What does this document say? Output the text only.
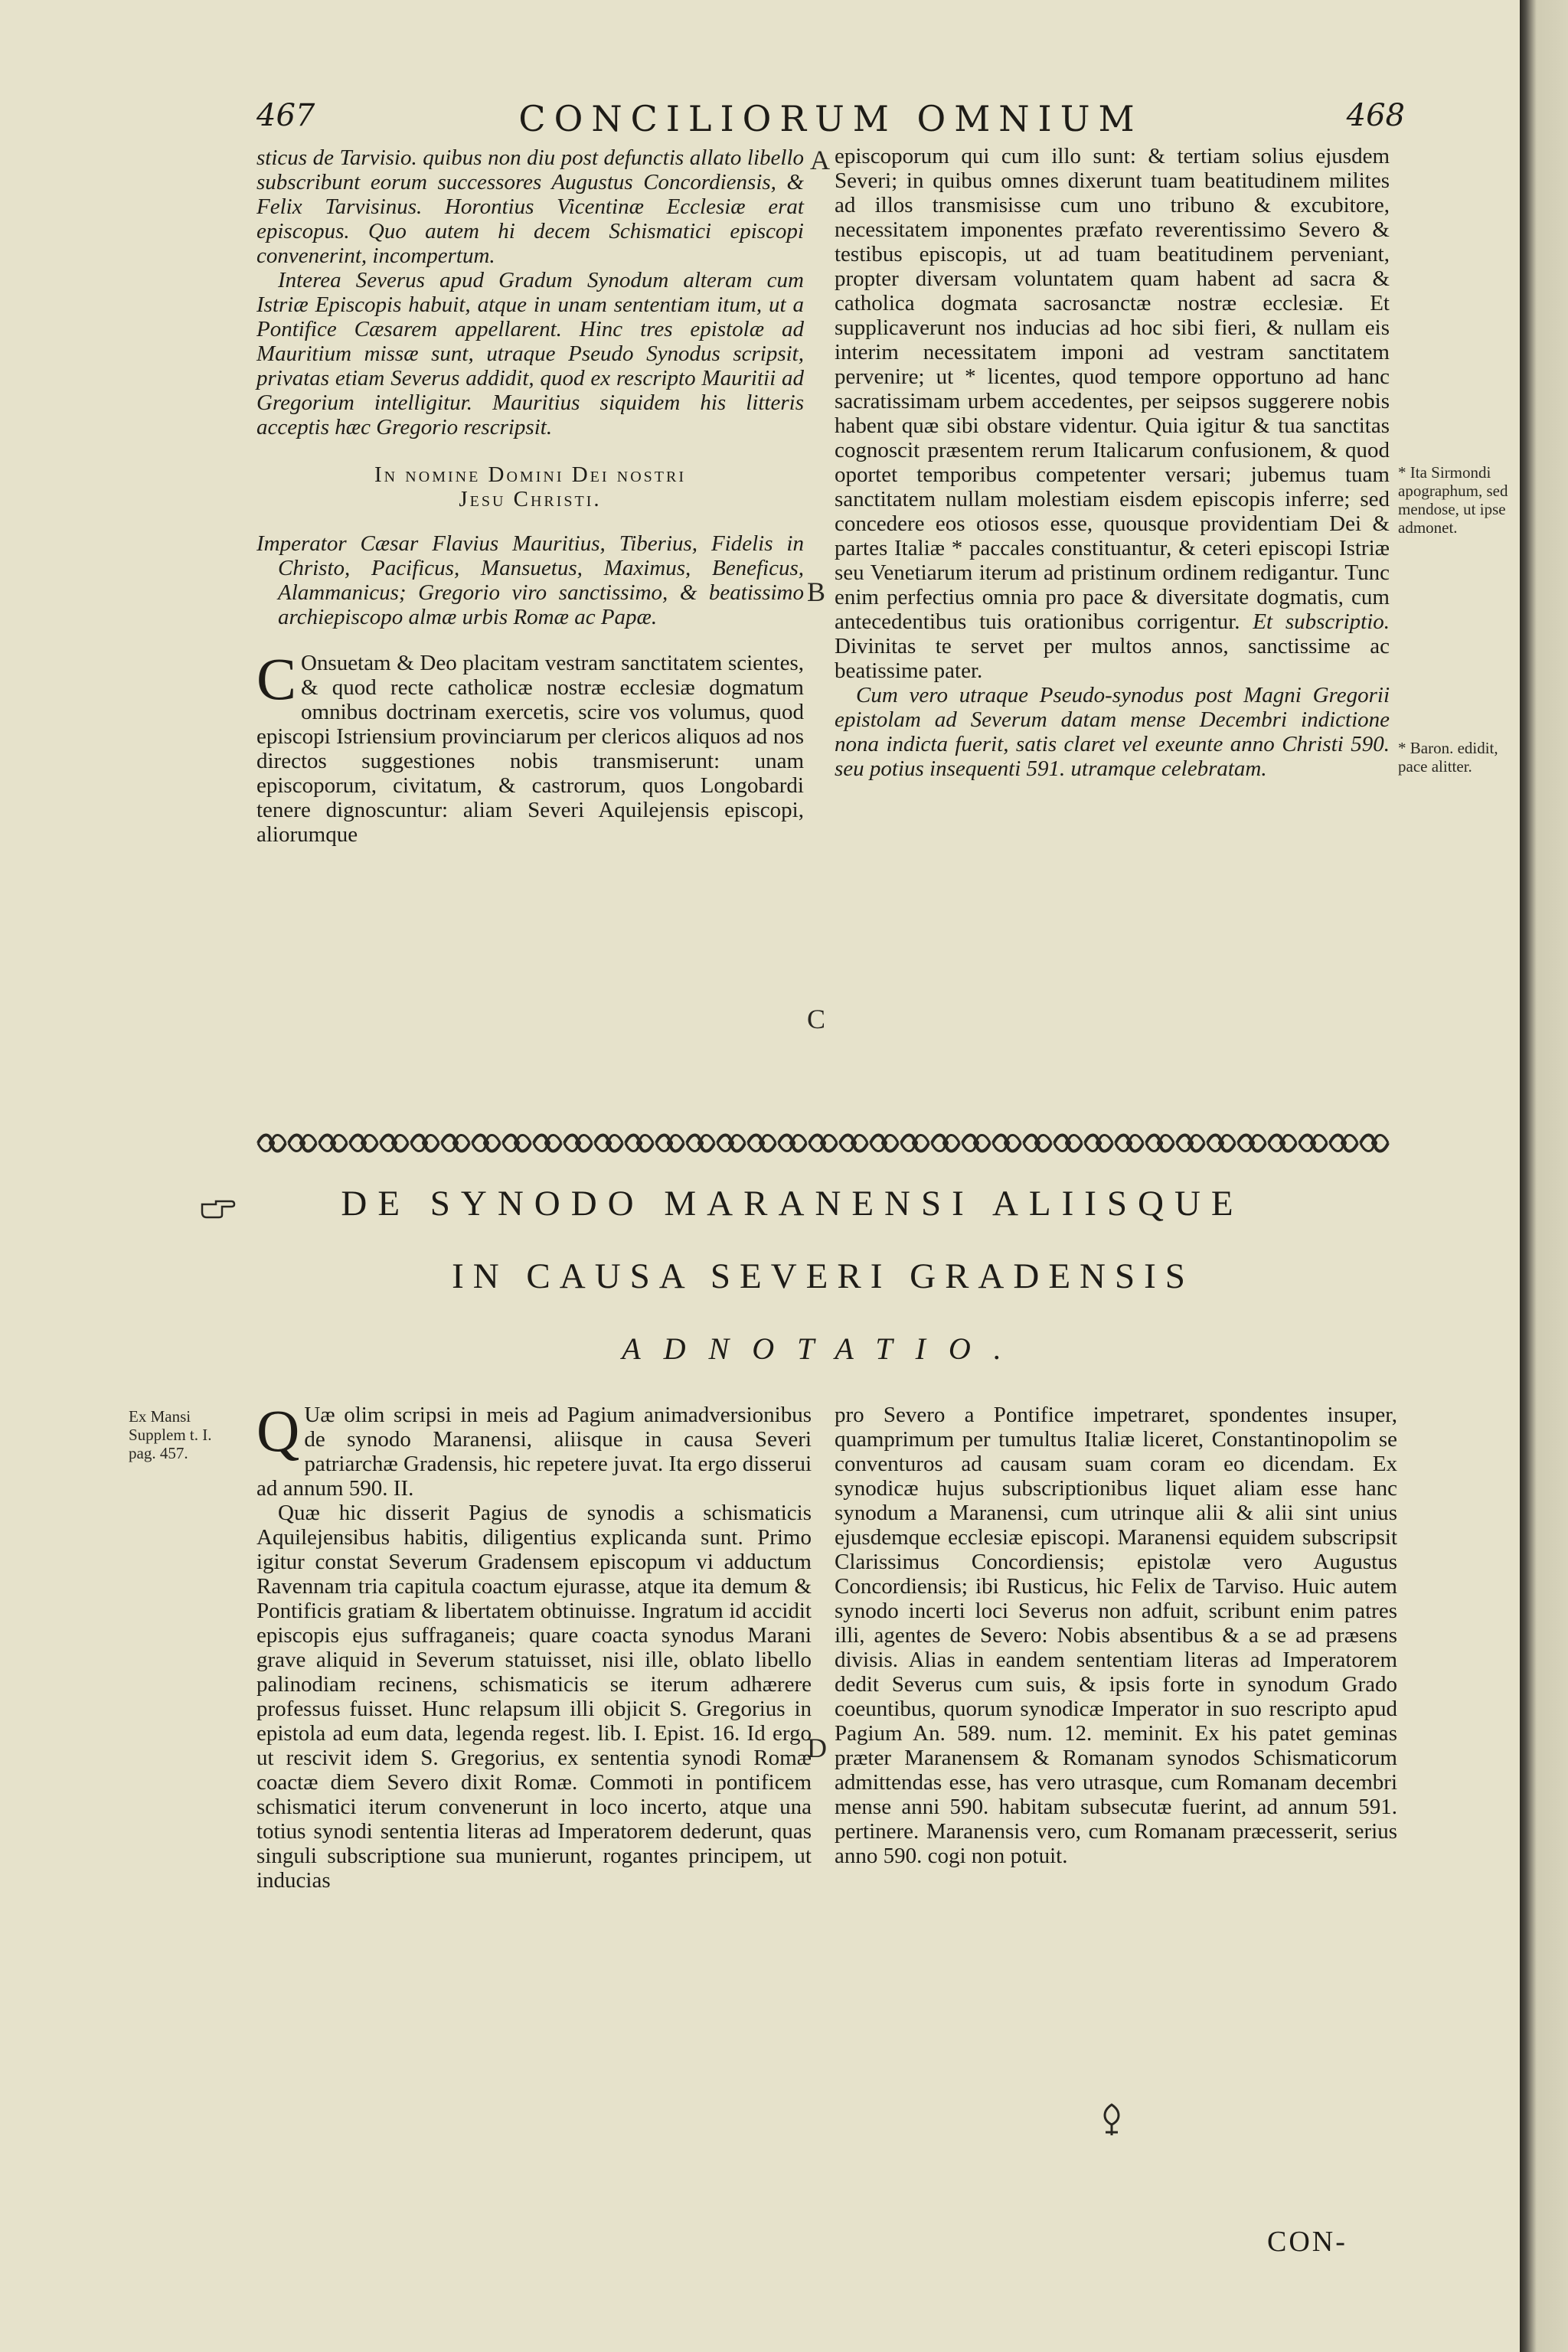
467	CONCILIORUM OMNIUM	468

sticus de Tarvisio. quibus non diu post defunctis allato libello subscribunt eorum successores Augustus Concordiensis, & Felix Tarvisinus. Horontius Vicentinæ Ecclesiæ erat episcopus. Quo autem hi decem Schismatici episcopi convenerint, incompertum.

Interea Severus apud Gradum Synodum alteram cum Istriæ Episcopis habuit, atque in unam sententiam itum, ut a Pontifice Cæsarem appellarent. Hinc tres epistolæ ad Mauritium missæ sunt, utraque Pseudo Synodus scripsit, privatas etiam Severus addidit, quod ex rescripto Mauritii ad Gregorium intelligitur. Mauritius siquidem his litteris acceptis hæc Gregorio rescripsit.

In nomine Domini Dei nostri

Jesu Christi.

Imperator Cæsar Flavius Mauritius, Tiberius, Fidelis in Christo, Pacificus, Mansuetus, Maximus, Beneficus, Alammanicus; Gregorio viro sanctissimo, & beatissimo archiepiscopo almæ urbis Romæ ac Papæ.

C Onsuetam & Deo placitam vestram sanctitatem scientes, & quod recte catholicæ nostræ ecclesiæ dogmatum omnibus doctrinam exercetis, scire vos volumus, quod episcopi Istriensium provinciarum per clericos aliquos ad nos directos suggestiones nobis transmiserunt: unam episcoporum, civitatum, & castrorum, quos Longobardi tenere dignoscuntur: aliam Severi Aquilejensis episcopi, aliorumque

episcoporum qui cum illo sunt: & tertiam solius ejusdem Severi; in quibus omnes dixerunt tuam beatitudinem milites ad illos transmisisse cum uno tribuno & excubitore, necessitatem imponentes præfato reverentissimo Severo & testibus episcopis, ut ad tuam beatitudinem perveniant, propter diversam voluntatem quam habent ad sacra & catholica dogmata sacrosanctæ nostræ ecclesiæ. Et supplicaverunt nos inducias ad hoc sibi fieri, & nullam eis interim necessitatem imponi ad vestram sanctitatem pervenire; ut * licentes, quod tempore opportuno ad hanc sacratissimam urbem accedentes, per seipsos suggerere nobis habent quæ sibi obstare videntur. Quia igitur & tua sanctitas cognoscit præsentem rerum Italicarum confusionem, & quod oportet temporibus competenter versari; jubemus tuam sanctitatem nullam molestiam eisdem episcopis inferre; sed concedere eos otiosos esse, quousque providentiam Dei & partes Italiæ * paccales constituantur, & ceteri episcopi Istriæ seu Venetiarum iterum ad pristinum ordinem redigantur. Tunc enim perfectius omnia pro pace & diversitate dogmatis, cum antecedentibus tuis orationibus corrigentur. Et subscriptio. Divinitas te servet per multos annos, sanctissime ac beatissime pater.

Cum vero utraque Pseudo-synodus post Magni Gregorii epistolam ad Severum datam mense Decembri indictione nona indicta fuerit, satis claret vel exeunte anno Christi 590. seu potius insequenti 591. utramque celebratam.

A
B
C
D
* Ita Sirmondi apographum, sed mendose, ut ipse admonet.
* Baron. edidit, pace alitter.
Ex Mansi Supplem t. I. pag. 457.
DE SYNODO MARANENSI ALIISQUE
IN CAUSA SEVERI GRADENSIS
ADNOTATIO.

Q Uæ olim scripsi in meis ad Pagium animadversionibus de synodo Maranensi, aliisque in causa Severi patriarchæ Gradensis, hic repetere juvat. Ita ergo disserui ad annum 590. II.

Quæ hic disserit Pagius de synodis a schismaticis Aquilejensibus habitis, diligentius explicanda sunt. Primo igitur constat Severum Gradensem episcopum vi adductum Ravennam tria capitula coactum ejurasse, atque ita demum & Pontificis gratiam & libertatem obtinuisse. Ingratum id accidit episcopis ejus suffraganeis; quare coacta synodus Marani grave aliquid in Severum statuisset, nisi ille, oblato libello palinodiam recinens, schismaticis se iterum adhærere professus fuisset. Hunc relapsum illi objicit S. Gregorius in epistola ad eum data, legenda regest. lib. I. Epist. 16. Id ergo ut rescivit idem S. Gregorius, ex sententia synodi Romæ coactæ diem Severo dixit Romæ. Commoti in pontificem schismatici iterum convenerunt in loco incerto, atque una totius synodi sententia literas ad Imperatorem dederunt, quas singuli subscriptione sua munierunt, rogantes principem, ut inducias

pro Severo a Pontifice impetraret, spondentes insuper, quamprimum per tumultus Italiæ liceret, Constantinopolim se conventuros ad causam suam coram eo dicendam. Ex synodicæ hujus subscriptionibus liquet aliam esse hanc synodum a Maranensi, cum utrinque alii & alii sint unius ejusdemque ecclesiæ episcopi. Maranensi equidem subscripsit Clarissimus Concordiensis; epistolæ vero Augustus Concordiensis; ibi Rusticus, hic Felix de Tarviso. Huic autem synodo incerti loci Severus non adfuit, scribunt enim patres illi, agentes de Severo: Nobis absentibus & a se ad præsens divisis. Alias in eandem sententiam literas ad Imperatorem dedit Severus cum suis, & ipsis forte in synodum Grado coeuntibus, quorum synodicæ Imperator in suo rescripto apud Pagium An. 589. num. 12. meminit. Ex his patet geminas præter Maranensem & Romanam synodos Schismaticorum admittendas esse, has vero utrasque, cum Romanam decembri mense anni 590. habitam subsecutæ fuerint, ad annum 591. pertinere. Maranensis vero, cum Romanam præcesserit, serius anno 590. cogi non potuit.

CON-
